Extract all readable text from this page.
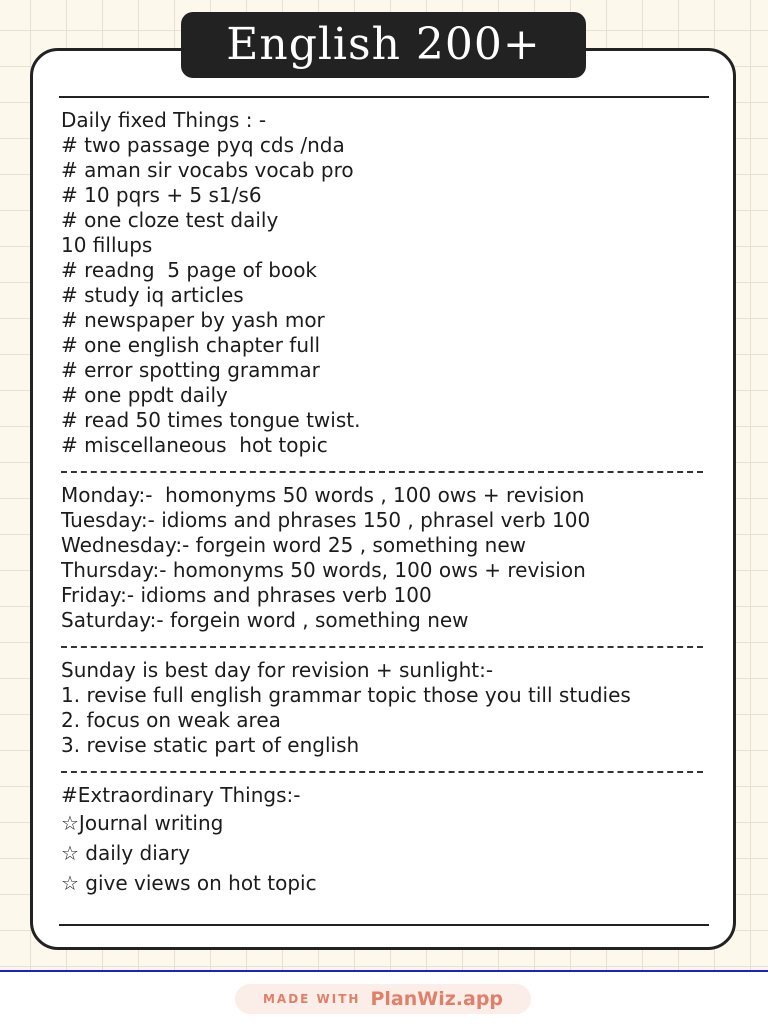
English 200+
Daily fixed Things : -
# two passage pyq cds /nda
# aman sir vocabs vocab pro
# 10 pqrs + 5 s1/s6
# one cloze test daily
10 fillups
# readng  5 page of book
# study iq articles
# newspaper by yash mor
# one english chapter full
# error spotting grammar
# one ppdt daily
# read 50 times tongue twist.
# miscellaneous  hot topic
Monday:-  homonyms 50 words , 100 ows + revision
Tuesday:- idioms and phrases 150 , phrasel verb 100
Wednesday:- forgein word 25 , something new
Thursday:- homonyms 50 words, 100 ows + revision
Friday:- idioms and phrases verb 100
Saturday:- forgein word , something new
Sunday is best day for revision + sunlight:-
1. revise full english grammar topic those you till studies
2. focus on weak area
3. revise static part of english
#Extraordinary Things:-
☆Journal writing
☆ daily diary
☆ give views on hot topic
MADE WITH PlanWiz.app
